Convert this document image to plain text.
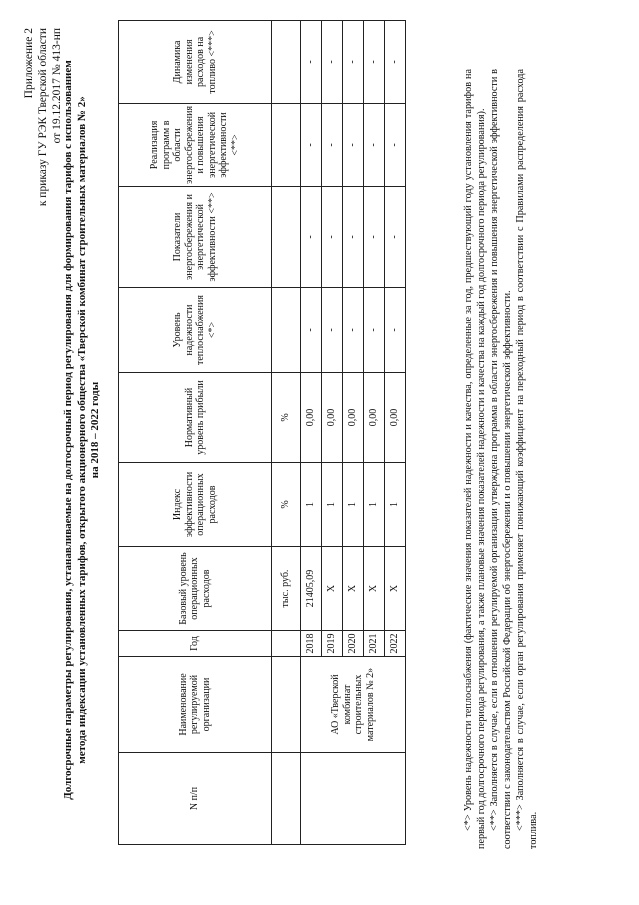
Приложение 2 к приказу ГУ РЭК Тверской области от 19.12.2017 № 413-нп Долгосрочные параметры регулирования, устанавливаемые на долгосрочный период регулирования для формирования тарифов с использованием метода индексации установленных тарифов, открытого акционерного общества «Тверской комбинат строительных материалов № 2» на 2018 – 2022 годы
N п/п	Наименование регулируемой организации	Год	Базовый уровень операционных расходов	Индекс эффективности операционных расходов	Нормативный уровень прибыли	Уровень надежности теплоснабжения <*>	Показатели энергосбережения и энергетической эффективности <**>	Реализация программ в области энергосбережения и повышения энергетической эффективности <**>	Динамика изменения расходов на топливо <***>
			тыс. руб.	%	%				
	АО «Тверской комбинат строительных материалов № 2»	2018	21405,09	1	0,00	-	-	-	-
		2019	Х	1	0,00	-	-	-	-
		2020	Х	1	0,00	-	-	-	-
		2021	Х	1	0,00	-	-	-	-
		2022	Х	1	0,00	-	-	-	-

<*> Уровень надежности теплоснабжения (фактические значения показателей надежности и качества, определенные за год, предшествующий году установления тарифов на первый год долгосрочного периода регулирования, а также плановые значения показателей надежности и качества на каждый год долгосрочного периода регулирования). <**> Заполняется в случае, если в отношении регулируемой организации утверждена программа в области энергосбережения и повышения энергетической эффективности в соответствии с законодательством Российской Федерации об энергосбережении и о повышении энергетической эффективности. <***> Заполняется в случае, если орган регулирования применяет понижающий коэффициент на переходный период в соответствии с Правилами распределения расхода топлива.
